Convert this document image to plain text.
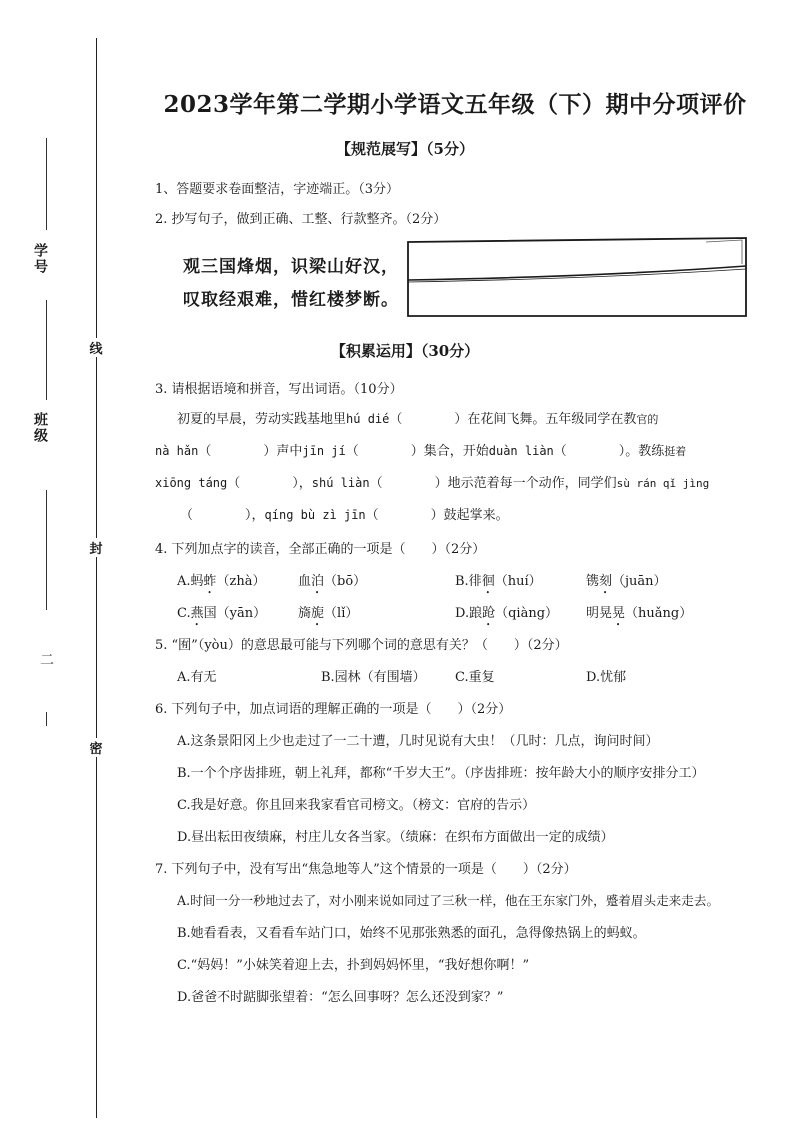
学号
班级
二
线
封
密
2023学年第二学期小学语文五年级（下）期中分项评价
【规范展写】（5分）
1、答题要求卷面整洁，字迹端正。（3分）
2. 抄写句子，做到正确、工整、行款整齐。（2分）
观三国烽烟，识梁山好汉，
叹取经艰难，惜红楼梦断。
【积累运用】（30分）
3. 请根据语境和拼音，写出词语。（10分）
初夏的早晨，劳动实践基地里hú dié（　　　　）在花间飞舞。五年级同学在教官的
nà hǎn（　　　　）声中jīn jí（　　　　）集合，开始duàn liàn（　　　　）。教练挺着
xiōng táng（　　　　），shú liàn（　　　　）地示范着每一个动作，同学们sù rán qǐ jìng
（　　　　），qíng bù zì jīn（　　　　）鼓起掌来。
4. 下列加点字的读音，全部正确的一项是（　　）（2分）
A.蚂蚱（zhà） 血泊（bō）	B.徘徊（huí）	镌刻（juān）
C.燕国（yān） 旖旎（lǐ）	D.踉跄（qiàng） 明晃晃（huǎng）
5. “囿”（yòu）的意思最可能与下列哪个词的意思有关？（　　）（2分）
A.有无	B.园林（有围墙） C.重复	D.忧郁
6. 下列句子中，加点词语的理解正确的一项是（　　）（2分）
A.这条景阳冈上少也走过了一二十遭，几时见说有大虫！（几时：几点，询问时间）
B.一个个序齿排班，朝上礼拜，都称“千岁大王”。（序齿排班：按年龄大小的顺序安排分工）
C.我是好意。你且回来我家看官司榜文。（榜文：官府的告示）
D.昼出耘田夜绩麻，村庄儿女各当家。（绩麻：在织布方面做出一定的成绩）
7. 下列句子中，没有写出“焦急地等人”这个情景的一项是（　　）（2分）
A.时间一分一秒地过去了，对小刚来说如同过了三秋一样，他在王东家门外，蹙着眉头走来走去。
B.她看看表，又看看车站门口，始终不见那张熟悉的面孔，急得像热锅上的蚂蚁。
C.“妈妈！”小妹笑着迎上去，扑到妈妈怀里，“我好想你啊！”
D.爸爸不时踮脚张望着：“怎么回事呀？怎么还没到家？”
